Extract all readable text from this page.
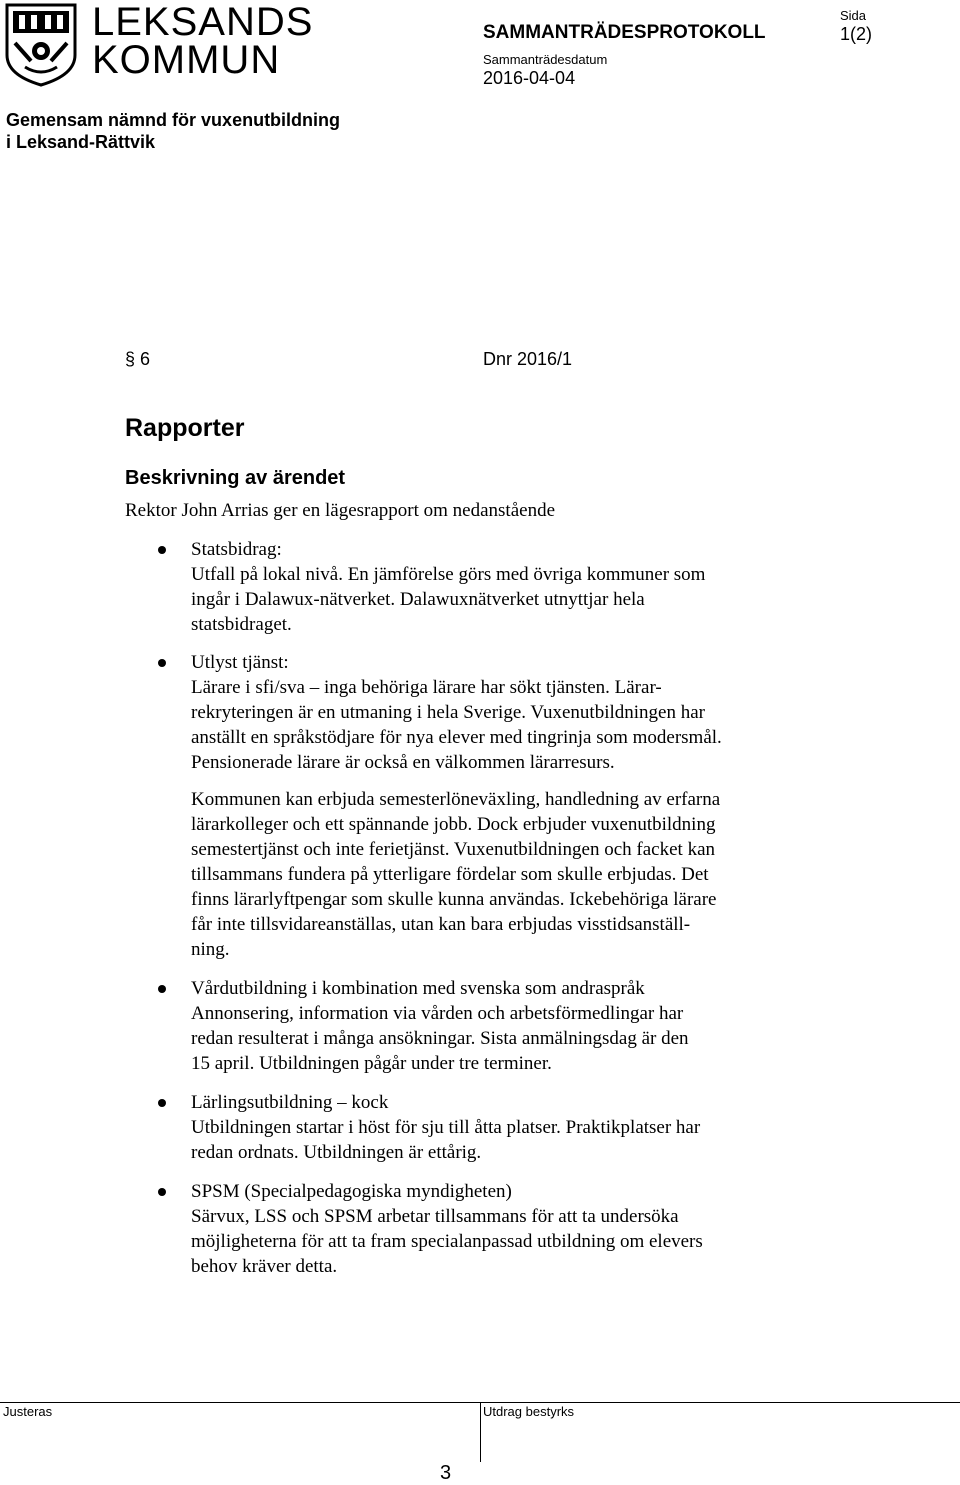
LEKSANDS
KOMMUN
SAMMANTRÄDESPROTOKOLL
Sammanträdesdatum
2016-04-04
Sida
1(2)
Gemensam nämnd för vuxenutbildning
i Leksand-Rättvik
§ 6	Dnr 2016/1
Rapporter
Beskrivning av ärendet
Rektor John Arrias ger en lägesrapport om nedanstående
Statsbidrag:
Utfall på lokal nivå. En jämförelse görs med övriga kommuner som
ingår i Dalawux-nätverket. Dalawuxnätverket utnyttjar hela
statsbidraget.
Utlyst tjänst:
Lärare i sfi/sva – inga behöriga lärare har sökt tjänsten. Lärar-
rekryteringen är en utmaning i hela Sverige. Vuxenutbildningen har
anställt en språkstödjare för nya elever med tingrinja som modersmål.
Pensionerade lärare är också en välkommen lärarresurs.
Kommunen kan erbjuda semesterlöneväxling, handledning av erfarna
lärarkolleger och ett spännande jobb. Dock erbjuder vuxenutbildning
semestertjänst och inte ferietjänst. Vuxenutbildningen och facket kan
tillsammans fundera på ytterligare fördelar som skulle erbjudas. Det
finns lärarlyftpengar som skulle kunna användas. Ickebehöriga lärare
får inte tillsvidareanställas, utan kan bara erbjudas visstidsanställ-
ning.
Vårdutbildning i kombination med svenska som andraspråk
Annonsering, information via vården och arbetsförmedlingar har
redan resulterat i många ansökningar. Sista anmälningsdag är den
15 april. Utbildningen pågår under tre terminer.
Lärlingsutbildning – kock
Utbildningen startar i höst för sju till åtta platser. Praktikplatser har
redan ordnats. Utbildningen är ettårig.
SPSM (Specialpedagogiska myndigheten)
Särvux, LSS och SPSM arbetar tillsammans för att ta undersöka
möjligheterna för att ta fram specialanpassad utbildning om elevers
behov kräver detta.
Justeras	Utdrag bestyrks
3
